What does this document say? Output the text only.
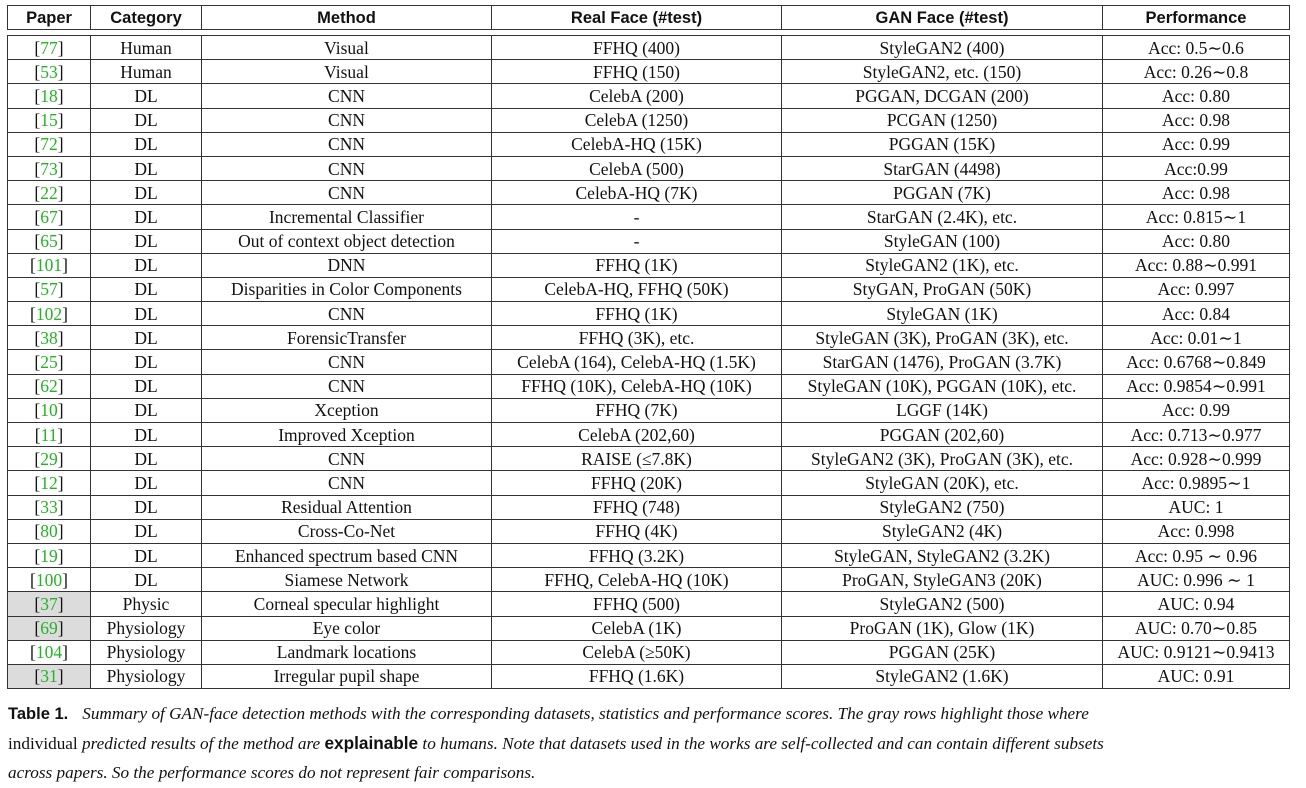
Paper	Category	Method	Real Face (#test)	GAN Face (#test)	Performance

[77]	Human	Visual	FFHQ (400)	StyleGAN2 (400)	Acc: 0.5∼0.6
[53]	Human	Visual	FFHQ (150)	StyleGAN2, etc. (150)	Acc: 0.26∼0.8
[18]	DL	CNN	CelebA (200)	PGGAN, DCGAN (200)	Acc: 0.80
[15]	DL	CNN	CelebA (1250)	PCGAN (1250)	Acc: 0.98
[72]	DL	CNN	CelebA-HQ (15K)	PGGAN (15K)	Acc: 0.99
[73]	DL	CNN	CelebA (500)	StarGAN (4498)	Acc:0.99
[22]	DL	CNN	CelebA-HQ (7K)	PGGAN (7K)	Acc: 0.98
[67]	DL	Incremental Classifier	-	StarGAN (2.4K), etc.	Acc: 0.815∼1
[65]	DL	Out of context object detection	-	StyleGAN (100)	Acc: 0.80
[101]	DL	DNN	FFHQ (1K)	StyleGAN2 (1K), etc.	Acc: 0.88∼0.991
[57]	DL	Disparities in Color Components	CelebA-HQ, FFHQ (50K)	StyGAN, ProGAN (50K)	Acc: 0.997
[102]	DL	CNN	FFHQ (1K)	StyleGAN (1K)	Acc: 0.84
[38]	DL	ForensicTransfer	FFHQ (3K), etc.	StyleGAN (3K), ProGAN (3K), etc.	Acc: 0.01∼1
[25]	DL	CNN	CelebA (164), CelebA-HQ (1.5K)	StarGAN (1476), ProGAN (3.7K)	Acc: 0.6768∼0.849
[62]	DL	CNN	FFHQ (10K), CelebA-HQ (10K)	StyleGAN (10K), PGGAN (10K), etc.	Acc: 0.9854∼0.991
[10]	DL	Xception	FFHQ (7K)	LGGF (14K)	Acc: 0.99
[11]	DL	Improved Xception	CelebA (202,60)	PGGAN (202,60)	Acc: 0.713∼0.977
[29]	DL	CNN	RAISE (≤7.8K)	StyleGAN2 (3K), ProGAN (3K), etc.	Acc: 0.928∼0.999
[12]	DL	CNN	FFHQ (20K)	StyleGAN (20K), etc.	Acc: 0.9895∼1
[33]	DL	Residual Attention	FFHQ (748)	StyleGAN2 (750)	AUC: 1
[80]	DL	Cross-Co-Net	FFHQ (4K)	StyleGAN2 (4K)	Acc: 0.998
[19]	DL	Enhanced spectrum based CNN	FFHQ (3.2K)	StyleGAN, StyleGAN2 (3.2K)	Acc: 0.95 ∼ 0.96
[100]	DL	Siamese Network	FFHQ, CelebA-HQ (10K)	ProGAN, StyleGAN3 (20K)	AUC: 0.996 ∼ 1
[37]	Physic	Corneal specular highlight	FFHQ (500)	StyleGAN2 (500)	AUC: 0.94
[69]	Physiology	Eye color	CelebA (1K)	ProGAN (1K), Glow (1K)	AUC: 0.70∼0.85
[104]	Physiology	Landmark locations	CelebA (≥50K)	PGGAN (25K)	AUC: 0.9121∼0.9413
[31]	Physiology	Irregular pupil shape	FFHQ (1.6K)	StyleGAN2 (1.6K)	AUC: 0.91
Table 1. Summary of GAN-face detection methods with the corresponding datasets, statistics and performance scores. The gray rows highlight those where
individual predicted results of the method are explainable to humans. Note that datasets used in the works are self-collected and can contain different subsets
across papers. So the performance scores do not represent fair comparisons.
